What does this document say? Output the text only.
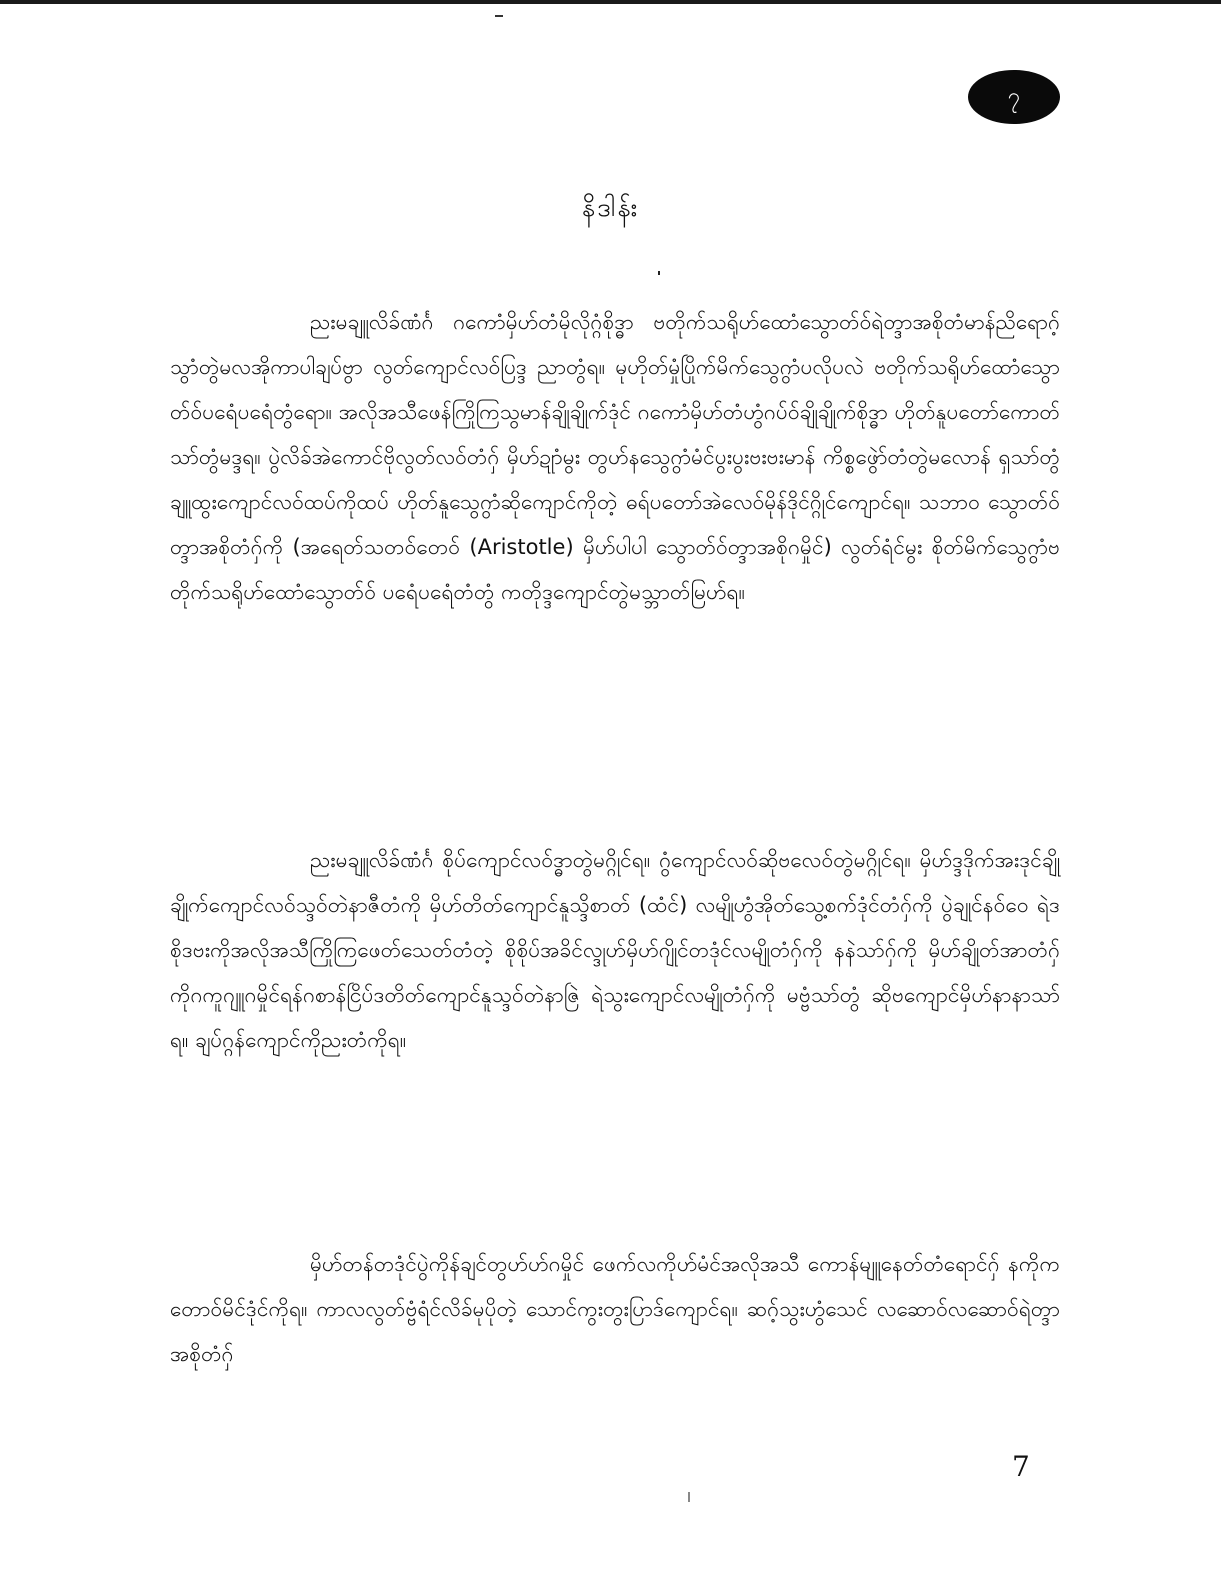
၇
နိဒါန်း

ညးမချူလိခ်ဏံင်္ဂ ဂကောံမှိဟ်တံမိုလိုဂ္ဂံစိုဒ္ဓာ ဗတိုက်သရိုဟ်ထောံသွောတ်ဝ်ရဲတ္ဒာအစိုတံမာန်ညိရောဂ့် သွာံတွဲမလအိုကာပါချပ်ဗွာ လွတ်ကျောင်လဝ်ပြဒ္ဒ ညာတွံရ။ မုဟိုတ်မှုံပြိုက်မိက်သွေဂွာံပလိုပလဲ ဗတိုက်သရိုဟ်ထောံသွောတ်ဝ်ပရေံပရေံတွံရော။ အလိုအသီဖေန်ကြိုကြသွမာန်ချိုချိုက်ဒုံင် ဂကောံမှိဟ်တံဟွံဂပ်ဝ်ချိုချိုက်စိုဒ္ဓာ ဟိုတ်နူပတော်ကောတ်သာ်တွံမဒ္ဒရ။ ပွဲလိခ်အဲကောင်ဗိုလွတ်လဝ်တံဂှ် မှိဟ်ဍုာံမွး တွဟ်နသွေဂွာံမံင်ပွးပွးဗးဗးမာန် ကိစ္စဖွေဲာ်တံတွဲမလောန် ရှသာ်တွံချူထွးကျောင်လဝ်ထပ်ကိုထပ် ဟိုတ်နူသွေဂွာံဆိုကျောင်ကိုတဲ့ ဓရ်ပတော်အဲလေဝ်မိုန်ဒိုင်ဂ္ဂိုင်ကျောင်ရ။ သဘာဝ သွောတ်ဝ်တ္ဒာအစိုတံဂှ်ကို (အရေတ်သတဝ်တေဝ် (Aristotle) မှိဟ်ပါပါ သွောတ်ဝ်တ္ဒာအစိုဂမှိုင်) လွတ်ရံင်မွး စိုတ်မိက်သွေဂွာံဗတိုက်သရိုဟ်ထောံသွောတ်ဝ် ပရေံပရေံတံတွံ ကတိုဒ္ဒကျောင်တွဲမသ္ဘာတ်မြဟ်ရ။

ညးမချူလိခ်ဏံင်္ဂ စိုပ်ကျောင်လဝ်ဒ္ဓာတွဲမဂ္ဂိုင်ရ။ ဂွံကျောင်လဝ်ဆိုဗလေဝ်တွဲမဂ္ဂိုင်ရ။ မှိဟ်ဒ္ဒဒိုက်အးဒုင်ချိုချိုက်ကျောင်လဝ်သ္ဒဝ်တဲနာဇီတံကို မှိဟ်တိတ်ကျောင်နူသ္ဒိစာတ် (ထံင်) လမျိုဟွံအိုတ်သွေ့စက်ဒုံင်တံဂှ်ကို ပွဲချုင်နဝ်ဝေ ရဲဒစိုဒဗးကိုအလိုအသီကြိုကြဖေတ်သေတ်တံတဲ့ စိုစိုပ်အခိင်လ္ဒုဟ်မှိဟ်ဂျိုင်တဒုံင်လမျိုတံဂှ်ကို နနဲသာ်ဂှ်ကို မှိဟ်ချိုတ်အာတံဂှ်ကိုဂကူဂျူဂမှိုင်ရန်ဂစာန်ငြိပ်ဒတိတ်ကျောင်နူသ္ဒဝ်တဲနာဇြဲ ရဲသွးကျောင်လမျိုတံဂှ်ကို မဗ္ဗံသာ်တွံ ဆိုဗကျောင်မှိဟ်နာနာသာ်ရ။ ချပ်ဂ္ဂန်ကျောင်ကိုညးတံကိုရ။

မှိဟ်တန်တဒုံင်ပွဲကိုန်ချင်တွဟ်ဟ်ဂမှိုင် ဖေက်လကိုဟ်မံင်အလိုအသီ ကောန်မျူနေတ်တံရောင်ဂှ် နကိုကတောဝ်မိင်ဒုံင်ကိုရ။ ကာလလွတ်ဗ္ဗံရံင်လိခ်မုပိုတဲ့ သောင်ကွးတွးပြာဒ်ကျောင်ရ။ ဆဂ့်သွးဟွံသေင် လဆောဝ်လဆောဝ်ရဲတ္ဒာအစိုတံဂှ်

7
